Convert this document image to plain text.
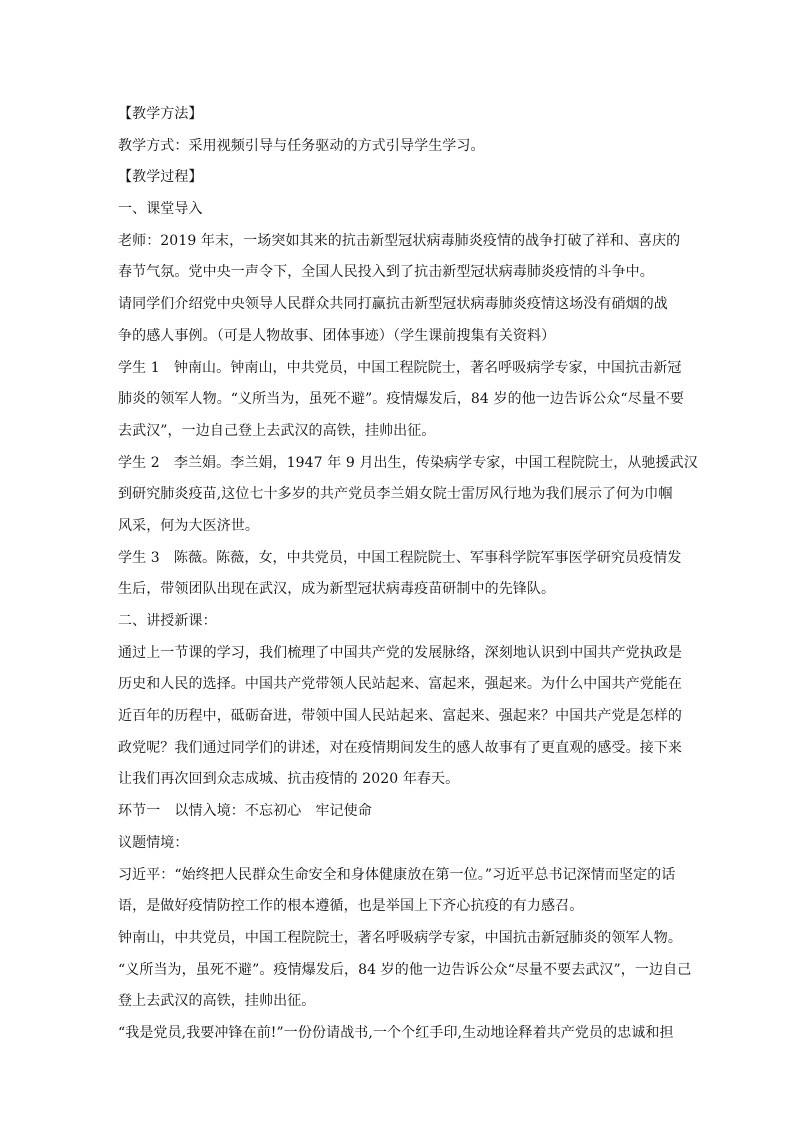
【教学方法】
教学方式：采用视频引导与任务驱动的方式引导学生学习。
【教学过程】
一、课堂导入
老师：2019 年末，一场突如其来的抗击新型冠状病毒肺炎疫情的战争打破了祥和、喜庆的
春节气氛。党中央一声令下，全国人民投入到了抗击新型冠状病毒肺炎疫情的斗争中。
请同学们介绍党中央领导人民群众共同打赢抗击新型冠状病毒肺炎疫情这场没有硝烟的战
争的感人事例。（可是人物故事、团体事迹）（学生课前搜集有关资料）
学生 1　钟南山。钟南山，中共党员，中国工程院院士，著名呼吸病学专家，中国抗击新冠
肺炎的领军人物。“义所当为，虽死不避”。疫情爆发后，84 岁的他一边告诉公众“尽量不要
去武汉”，一边自己登上去武汉的高铁，挂帅出征。
学生 2　李兰娟。李兰娟，1947 年 9 月出生，传染病学专家，中国工程院院士，从驰援武汉
到研究肺炎疫苗,这位七十多岁的共产党员李兰娟女院士雷厉风行地为我们展示了何为巾帼
风采，何为大医济世。
学生 3　陈薇。陈薇，女，中共党员，中国工程院院士、军事科学院军事医学研究员疫情发
生后，带领团队出现在武汉，成为新型冠状病毒疫苗研制中的先锋队。
二、讲授新课：
通过上一节课的学习，我们梳理了中国共产党的发展脉络，深刻地认识到中国共产党执政是
历史和人民的选择。中国共产党带领人民站起来、富起来，强起来。为什么中国共产党能在
近百年的历程中，砥砺奋进，带领中国人民站起来、富起来、强起来？中国共产党是怎样的
政党呢？我们通过同学们的讲述，对在疫情期间发生的感人故事有了更直观的感受。接下来
让我们再次回到众志成城、抗击疫情的 2020 年春天。
环节一　以情入境：不忘初心　牢记使命
议题情境：
习近平：“始终把人民群众生命安全和身体健康放在第一位。”习近平总书记深情而坚定的话
语，是做好疫情防控工作的根本遵循，也是举国上下齐心抗疫的有力感召。
钟南山，中共党员，中国工程院院士，著名呼吸病学专家，中国抗击新冠肺炎的领军人物。
“义所当为，虽死不避”。疫情爆发后，84 岁的他一边告诉公众“尽量不要去武汉”，一边自己
登上去武汉的高铁，挂帅出征。
“我是党员,我要冲锋在前!”一份份请战书,一个个红手印,生动地诠释着共产党员的忠诚和担
